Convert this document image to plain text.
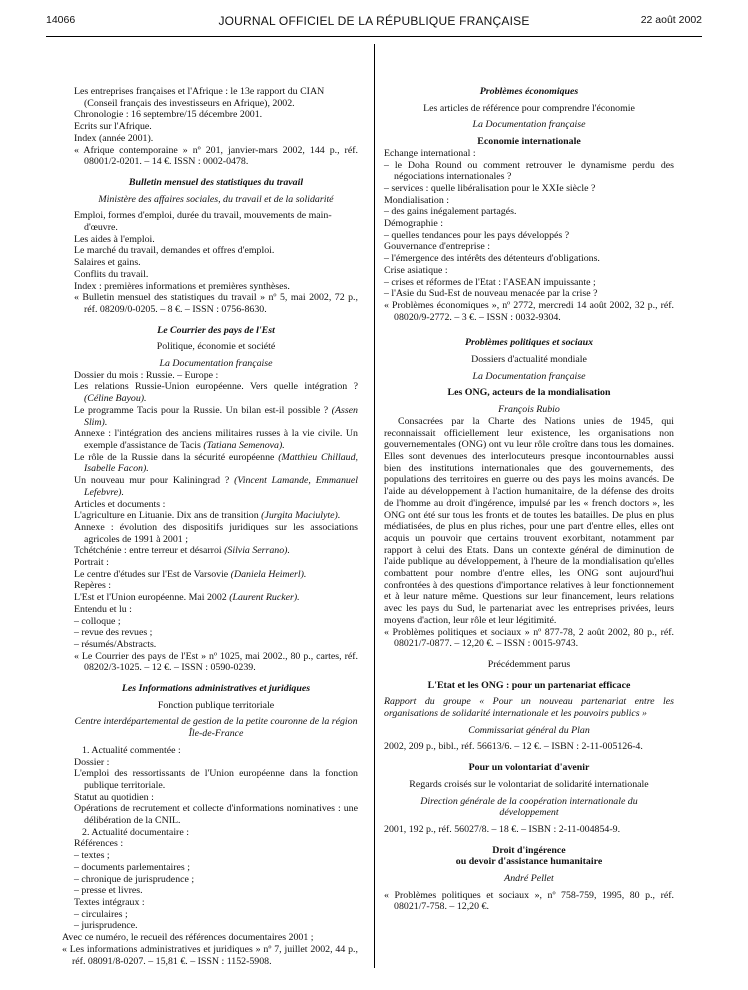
14066	JOURNAL OFFICIEL DE LA RÉPUBLIQUE FRANÇAISE	22 août 2002

Les entreprises françaises et l'Afrique : le 13e rapport du CIAN (Conseil français des investisseurs en Afrique), 2002.

Chronologie : 16 septembre/15 décembre 2001.

Ecrits sur l'Afrique.

Index (année 2001).

« Afrique contemporaine » nº 201, janvier-mars 2002, 144 p., réf. 08001/2-0201. – 14 €. ISSN : 0002-0478.

Bulletin mensuel des statistiques du travail

Ministère des affaires sociales, du travail et de la solidarité

Emploi, formes d'emploi, durée du travail, mouvements de main-d'œuvre.

Les aides à l'emploi.

Le marché du travail, demandes et offres d'emploi.

Salaires et gains.

Conflits du travail.

Index : premières informations et premières synthèses.

« Bulletin mensuel des statistiques du travail » nº 5, mai 2002, 72 p., réf. 08209/0-0205. – 8 €. – ISSN : 0756-8630.

Le Courrier des pays de l'Est

Politique, économie et société

La Documentation française

Dossier du mois : Russie. – Europe :

Les relations Russie-Union européenne. Vers quelle intégration ? (Céline Bayou).

Le programme Tacis pour la Russie. Un bilan est-il possible ? (Assen Slim).

Annexe : l'intégration des anciens militaires russes à la vie civile. Un exemple d'assistance de Tacis (Tatiana Semenova).

Le rôle de la Russie dans la sécurité européenne (Matthieu Chillaud, Isabelle Facon).

Un nouveau mur pour Kaliningrad ? (Vincent Lamande, Emmanuel Lefebvre).

Articles et documents :

L'agriculture en Lituanie. Dix ans de transition (Jurgita Maciulyte).

Annexe : évolution des dispositifs juridiques sur les associations agricoles de 1991 à 2001 ;

Tchétchénie : entre terreur et désarroi (Silvia Serrano).

Portrait :

Le centre d'études sur l'Est de Varsovie (Daniela Heimerl).

Repères :

L'Est et l'Union européenne. Mai 2002 (Laurent Rucker).

Entendu et lu :

– colloque ;

– revue des revues ;

– résumés/Abstracts.

« Le Courrier des pays de l'Est » nº 1025, mai 2002., 80 p., cartes, réf. 08202/3-1025. – 12 €. – ISSN : 0590-0239.

Les Informations administratives et juridiques

Fonction publique territoriale

Centre interdépartemental de gestion de la petite couronne de la région Île-de-France

1. Actualité commentée :

Dossier :

L'emploi des ressortissants de l'Union européenne dans la fonction publique territoriale.

Statut au quotidien :

Opérations de recrutement et collecte d'informations nominatives : une délibération de la CNIL.

2. Actualité documentaire :

Références :

– textes ;

– documents parlementaires ;

– chronique de jurisprudence ;

– presse et livres.

Textes intégraux :

– circulaires ;

– jurisprudence.

Avec ce numéro, le recueil des références documentaires 2001 ;

« Les informations administratives et juridiques » nº 7, juillet 2002, 44 p., réf. 08091/8-0207. – 15,81 €. – ISSN : 1152-5908.

Problèmes économiques

Les articles de référence pour comprendre l'économie

La Documentation française

Economie internationale

Echange international :

– le Doha Round ou comment retrouver le dynamisme perdu des négociations internationales ?

– services : quelle libéralisation pour le XXIe siècle ?

Mondialisation :

– des gains inégalement partagés.

Démographie :

– quelles tendances pour les pays développés ?

Gouvernance d'entreprise :

– l'émergence des intérêts des détenteurs d'obligations.

Crise asiatique :

– crises et réformes de l'Etat : l'ASEAN impuissante ;

– l'Asie du Sud-Est de nouveau menacée par la crise ?

« Problèmes économiques », nº 2772, mercredi 14 août 2002, 32 p., réf. 08020/9-2772. – 3 €. – ISSN : 0032-9304.

Problèmes politiques et sociaux

Dossiers d'actualité mondiale

La Documentation française

Les ONG, acteurs de la mondialisation

François Rubio

Consacrées par la Charte des Nations unies de 1945, qui reconnaissait officiellement leur existence, les organisations non gouvernementales (ONG) ont vu leur rôle croître dans tous les domaines. Elles sont devenues des interlocuteurs presque incontournables aussi bien des institutions internationales que des gouvernements, des populations des territoires en guerre ou des pays les moins avancés. De l'aide au développement à l'action humanitaire, de la défense des droits de l'homme au droit d'ingérence, impulsé par les « french doctors », les ONG ont été sur tous les fronts et de toutes les batailles. De plus en plus médiatisées, de plus en plus riches, pour une part d'entre elles, elles ont acquis un pouvoir que certains trouvent exorbitant, notamment par rapport à celui des Etats. Dans un contexte général de diminution de l'aide publique au développement, à l'heure de la mondialisation qu'elles combattent pour nombre d'entre elles, les ONG sont aujourd'hui confrontées à des questions d'importance relatives à leur fonctionnement et à leur nature même. Questions sur leur financement, leurs relations avec les pays du Sud, le partenariat avec les entreprises privées, leurs moyens d'action, leur rôle et leur légitimité.

« Problèmes politiques et sociaux » nº 877-78, 2 août 2002, 80 p., réf. 08021/7-0877. – 12,20 €. – ISSN : 0015-9743.

Précédemment parus

L'Etat et les ONG : pour un partenariat efficace

Rapport du groupe « Pour un nouveau partenariat entre les organisations de solidarité internationale et les pouvoirs publics »

Commissariat général du Plan

2002, 209 p., bibl., réf. 56613/6. – 12 €. – ISBN : 2-11-005126-4.

Pour un volontariat d'avenir

Regards croisés sur le volontariat de solidarité internationale

Direction générale de la coopération internationale du développement

2001, 192 p., réf. 56027/8. – 18 €. – ISBN : 2-11-004854-9.

Droit d'ingérence

ou devoir d'assistance humanitaire

André Pellet

« Problèmes politiques et sociaux », nº 758-759, 1995, 80 p., réf. 08021/7-758. – 12,20 €.
